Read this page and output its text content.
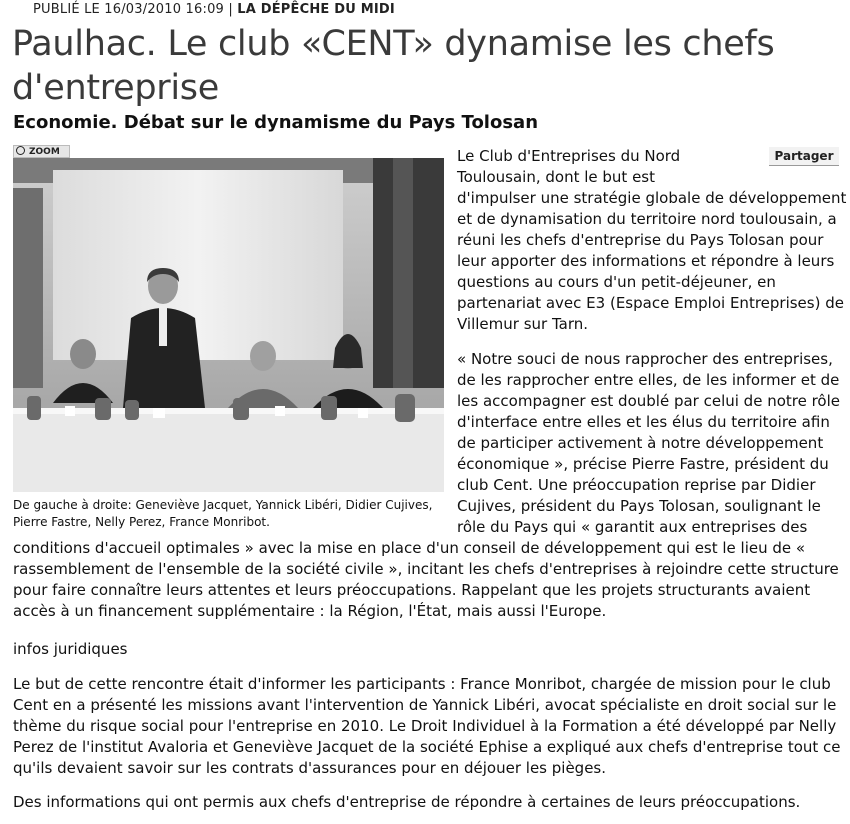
PUBLIÉ LE 16/03/2010 16:09 | LA DÉPÊCHE DU MIDI
Paulhac. Le club «CENT» dynamise les chefs d'entreprise
Economie. Débat sur le dynamisme du Pays Tolosan
ZOOM
De gauche à droite: Geneviève Jacquet, Yannick Libéri, Didier Cujives, Pierre Fastre, Nelly Perez, France Monribot.
Partager

Le Club d'Entreprises du Nord
Toulousain, dont le but est
d'impulser une stratégie globale de développement et de dynamisation du territoire nord toulousain, a réuni les chefs d'entreprise du Pays Tolosan pour leur apporter des informations et répondre à leurs questions au cours d'un petit-déjeuner, en partenariat avec E3 (Espace Emploi Entreprises) de Villemur sur Tarn.

« Notre souci de nous rapprocher des entreprises, de les rapprocher entre elles, de les informer et de les accompagner est doublé par celui de notre rôle d'interface entre elles et les élus du territoire afin de participer activement à notre développement économique », précise Pierre Fastre, président du club Cent. Une préoccupation reprise par Didier Cujives, président du Pays Tolosan, soulignant le rôle du Pays qui « garantit aux entreprises des

conditions d'accueil optimales » avec la mise en place d'un conseil de développement qui est le lieu de « rassemblement de l'ensemble de la société civile », incitant les chefs d'entreprises à rejoindre cette structure pour faire connaître leurs attentes et leurs préoccupations. Rappelant que les projets structurants avaient accès à un financement supplémentaire : la Région, l'État, mais aussi l'Europe.

infos juridiques

Le but de cette rencontre était d'informer les participants : France Monribot, chargée de mission pour le club Cent en a présenté les missions avant l'intervention de Yannick Libéri, avocat spécialiste en droit social sur le thème du risque social pour l'entreprise en 2010. Le Droit Individuel à la Formation a été développé par Nelly Perez de l'institut Avaloria et Geneviève Jacquet de la société Ephise a expliqué aux chefs d'entreprise tout ce qu'ils devaient savoir sur les contrats d'assurances pour en déjouer les pièges.

Des informations qui ont permis aux chefs d'entreprise de répondre à certaines de leurs préoccupations.
